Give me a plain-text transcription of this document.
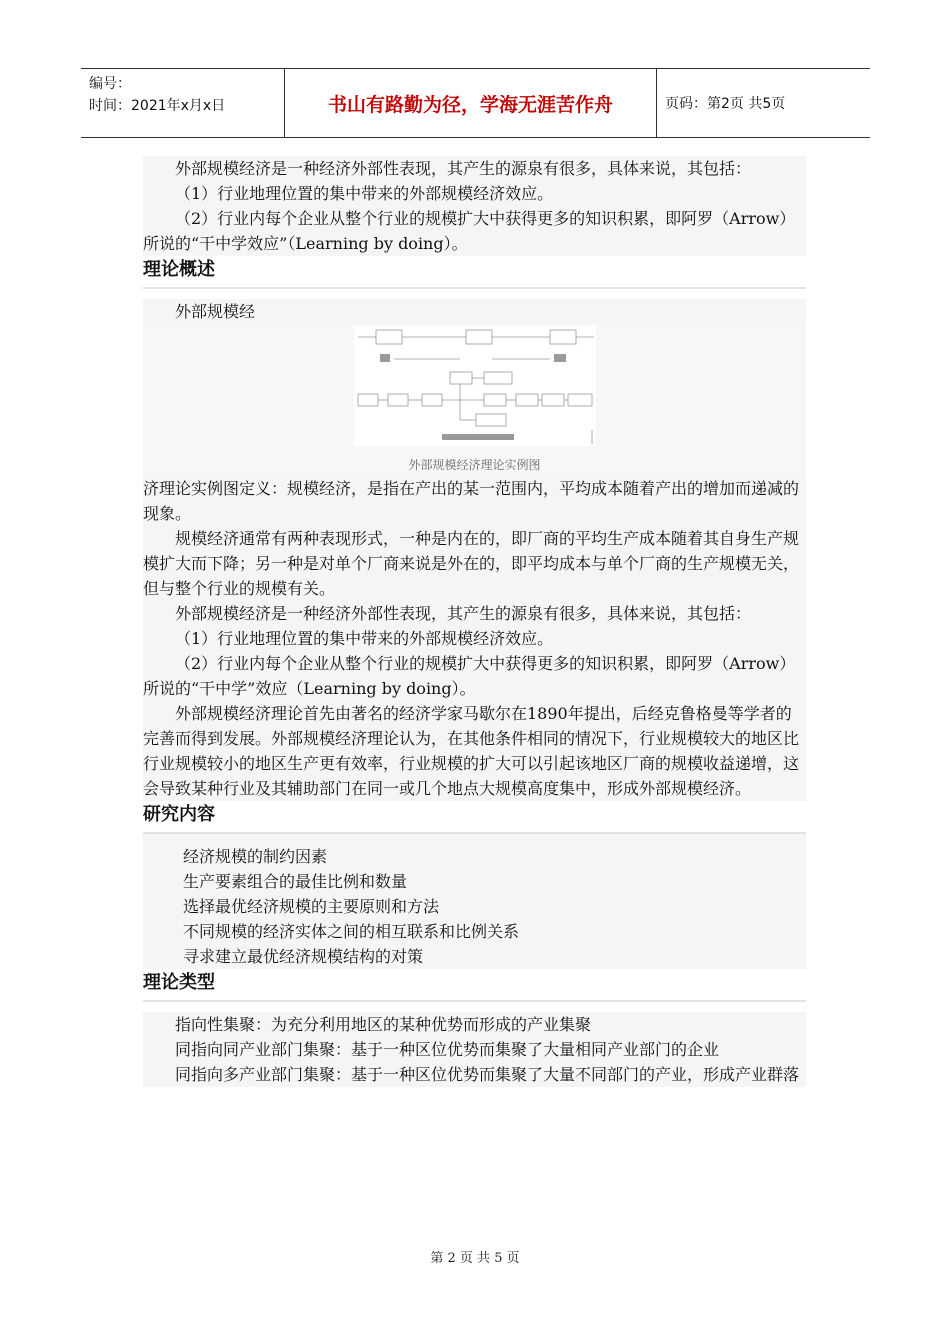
编号：
时间：2021年x月x日	书山有路勤为径，学海无涯苦作舟	页码：第2页 共5页

外部规模经济是一种经济外部性表现，其产生的源泉有很多，具体来说，其包括：

（1）行业地理位置的集中带来的外部规模经济效应。

（2）行业内每个企业从整个行业的规模扩大中获得更多的知识积累，即阿罗（Arrow）所说的“干中学效应”（Learning by doing）。

理论概述

外部规模经

外部规模经济理论实例图

济理论实例图定义：规模经济，是指在产出的某一范围内，平均成本随着产出的增加而递减的现象。

规模经济通常有两种表现形式，一种是内在的，即厂商的平均生产成本随着其自身生产规模扩大而下降；另一种是对单个厂商来说是外在的，即平均成本与单个厂商的生产规模无关，但与整个行业的规模有关。

外部规模经济是一种经济外部性表现，其产生的源泉有很多，具体来说，其包括：

（1）行业地理位置的集中带来的外部规模经济效应。

（2）行业内每个企业从整个行业的规模扩大中获得更多的知识积累，即阿罗（Arrow）所说的“干中学”效应（Learning by doing）。

外部规模经济理论首先由著名的经济学家马歇尔在1890年提出，后经克鲁格曼等学者的完善而得到发展。外部规模经济理论认为，在其他条件相同的情况下，行业规模较大的地区比行业规模较小的地区生产更有效率，行业规模的扩大可以引起该地区厂商的规模收益递增，这会导致某种行业及其辅助部门在同一或几个地点大规模高度集中，形成外部规模经济。

研究内容

经济规模的制约因素

生产要素组合的最佳比例和数量

选择最优经济规模的主要原则和方法

不同规模的经济实体之间的相互联系和比例关系

寻求建立最优经济规模结构的对策

理论类型

指向性集聚：为充分利用地区的某种优势而形成的产业集聚

同指向同产业部门集聚：基于一种区位优势而集聚了大量相同产业部门的企业

同指向多产业部门集聚：基于一种区位优势而集聚了大量不同部门的产业，形成产业群落

第 2 页 共 5 页
